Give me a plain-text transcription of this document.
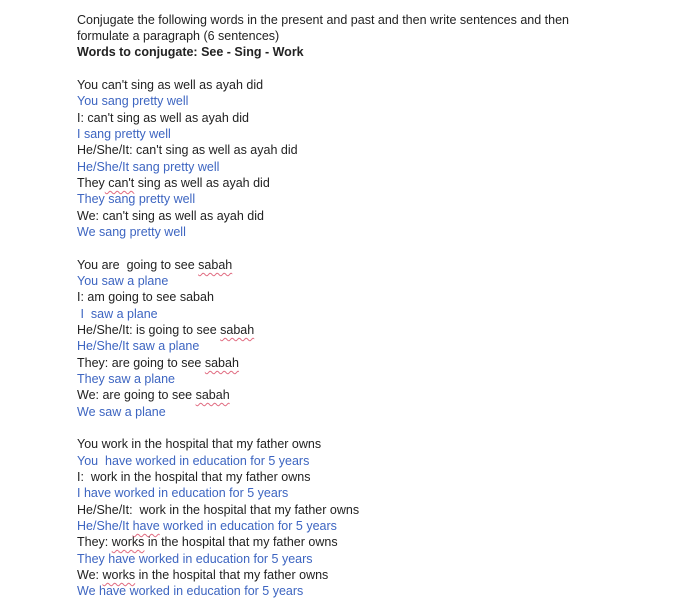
Conjugate the following words in the present and past and then write sentences and then
formulate a paragraph (6 sentences)
Words to conjugate: See - Sing - Work
You can't sing as well as ayah did
You sang pretty well
I: can't sing as well as ayah did
I sang pretty well
He/She/It: can't sing as well as ayah did
He/She/It sang pretty well
They can't sing as well as ayah did
They sang pretty well
We: can't sing as well as ayah did
We sang pretty well
You are  going to see sabah
You saw a plane
I: am going to see sabah
I  saw a plane
He/She/It: is going to see sabah
He/She/It saw a plane
They: are going to see sabah
They saw a plane
We: are going to see sabah
We saw a plane
You work in the hospital that my father owns
You  have worked in education for 5 years
I:  work in the hospital that my father owns
I have worked in education for 5 years
He/She/It:  work in the hospital that my father owns
He/She/It have worked in education for 5 years
They: works in the hospital that my father owns
They have worked in education for 5 years
We: works in the hospital that my father owns
We have worked in education for 5 years
